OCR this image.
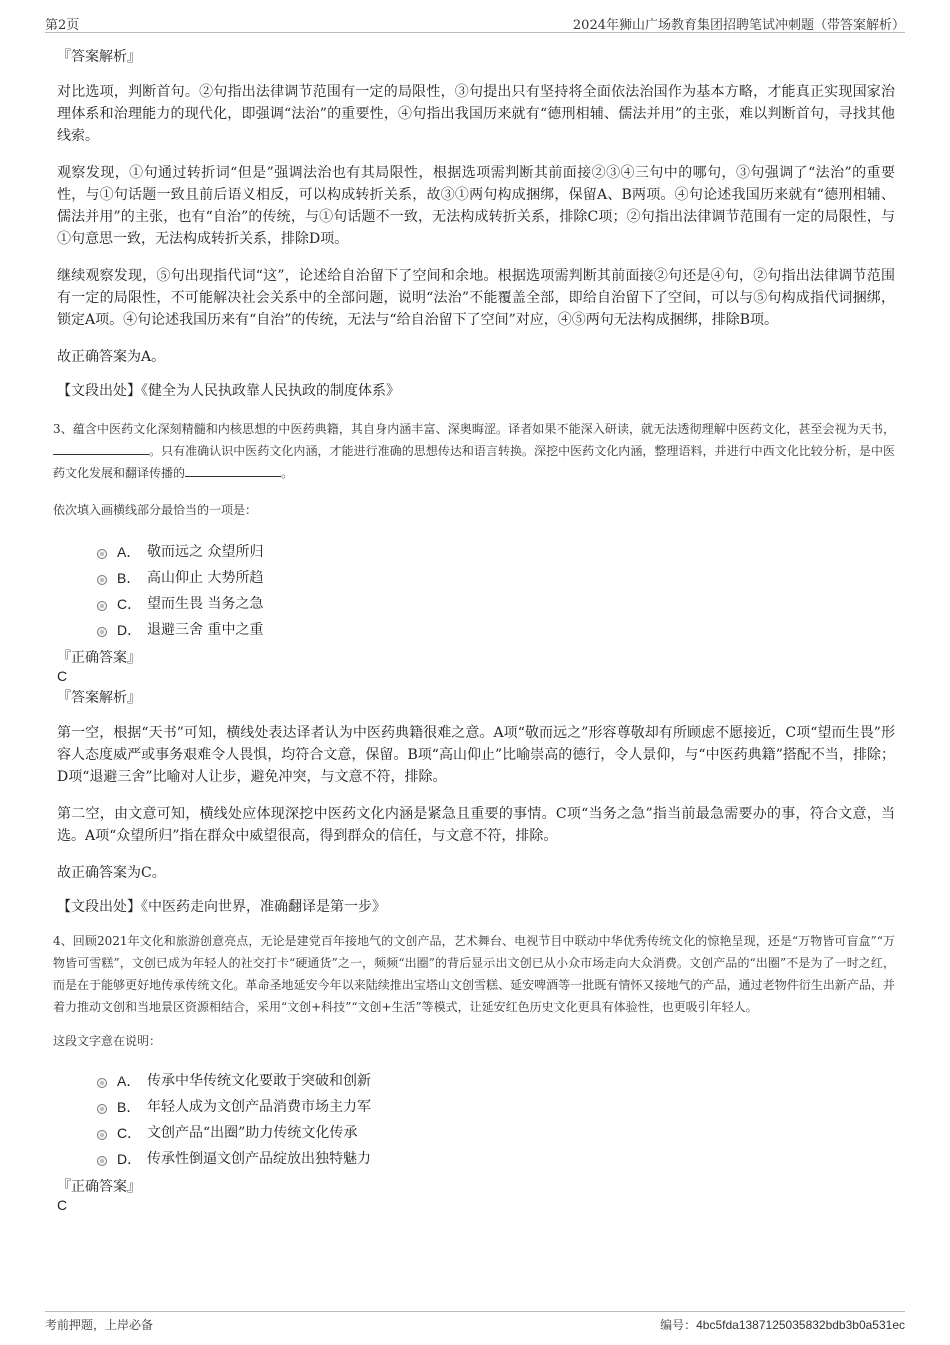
第2页	2024年狮山广场教育集团招聘笔试冲刺题（带答案解析）

『答案解析』

对比选项，判断首句。②句指出法律调节范围有一定的局限性，③句提出只有坚持将全面依法治国作为基本方略，才能真正实现国家治理体系和治理能力的现代化，即强调“法治”的重要性，④句指出我国历来就有“德刑相辅、儒法并用”的主张，难以判断首句，寻找其他线索。

观察发现，①句通过转折词“但是”强调法治也有其局限性，根据选项需判断其前面接②③④三句中的哪句，③句强调了“法治”的重要性，与①句话题一致且前后语义相反，可以构成转折关系，故③①两句构成捆绑，保留A、B两项。④句论述我国历来就有“德刑相辅、儒法并用”的主张，也有“自治”的传统，与①句话题不一致，无法构成转折关系，排除C项；②句指出法律调节范围有一定的局限性，与①句意思一致，无法构成转折关系，排除D项。

继续观察发现，⑤句出现指代词“这”，论述给自治留下了空间和余地。根据选项需判断其前面接②句还是④句，②句指出法律调节范围有一定的局限性，不可能解决社会关系中的全部问题，说明“法治”不能覆盖全部，即给自治留下了空间，可以与⑤句构成指代词捆绑，锁定A项。④句论述我国历来有“自治”的传统，无法与“给自治留下了空间”对应，④⑤两句无法构成捆绑，排除B项。

故正确答案为A。

【文段出处】《健全为人民执政靠人民执政的制度体系》

3、蕴含中医药文化深刻精髓和内核思想的中医药典籍，其自身内涵丰富、深奥晦涩。译者如果不能深入研读，就无法透彻理解中医药文化，甚至会视为天书，。只有准确认识中医药文化内涵，才能进行准确的思想传达和语言转换。深挖中医药文化内涵，整理语料，并进行中西文化比较分析，是中医药文化发展和翻译传播的	。

依次填入画横线部分最恰当的一项是：

A． 敬而远之 众望所归
B． 高山仰止 大势所趋
C． 望而生畏 当务之急
D． 退避三舍 重中之重

『正确答案』

C

『答案解析』

第一空，根据“天书”可知，横线处表达译者认为中医药典籍很难之意。A项“敬而远之”形容尊敬却有所顾虑不愿接近，C项“望而生畏”形容人态度威严或事务艰难令人畏惧，均符合文意，保留。B项“高山仰止”比喻崇高的德行，令人景仰，与“中医药典籍”搭配不当，排除；D项“退避三舍”比喻对人让步，避免冲突，与文意不符，排除。

第二空，由文意可知，横线处应体现深挖中医药文化内涵是紧急且重要的事情。C项“当务之急”指当前最急需要办的事，符合文意，当选。A项“众望所归”指在群众中威望很高，得到群众的信任，与文意不符，排除。

故正确答案为C。

【文段出处】《中医药走向世界，准确翻译是第一步》

4、回顾2021年文化和旅游创意亮点，无论是建党百年接地气的文创产品，艺术舞台、电视节目中联动中华优秀传统文化的惊艳呈现，还是“万物皆可盲盒”“万物皆可雪糕”，文创已成为年轻人的社交打卡“硬通货”之一，频频“出圈”的背后显示出文创已从小众市场走向大众消费。文创产品的“出圈”不是为了一时之红，而是在于能够更好地传承传统文化。革命圣地延安今年以来陆续推出宝塔山文创雪糕、延安啤酒等一批既有情怀又接地气的产品，通过老物件衍生出新产品，并着力推动文创和当地景区资源相结合，采用“文创+科技”“文创+生活”等模式，让延安红色历史文化更具有体验性，也更吸引年轻人。

这段文字意在说明：

A． 传承中华传统文化要敢于突破和创新
B． 年轻人成为文创产品消费市场主力军
C． 文创产品“出圈”助力传统文化传承
D． 传承性倒逼文创产品绽放出独特魅力

『正确答案』

C

考前押题，上岸必备	编号：4bc5fda1387125035832bdb3b0a531ec
